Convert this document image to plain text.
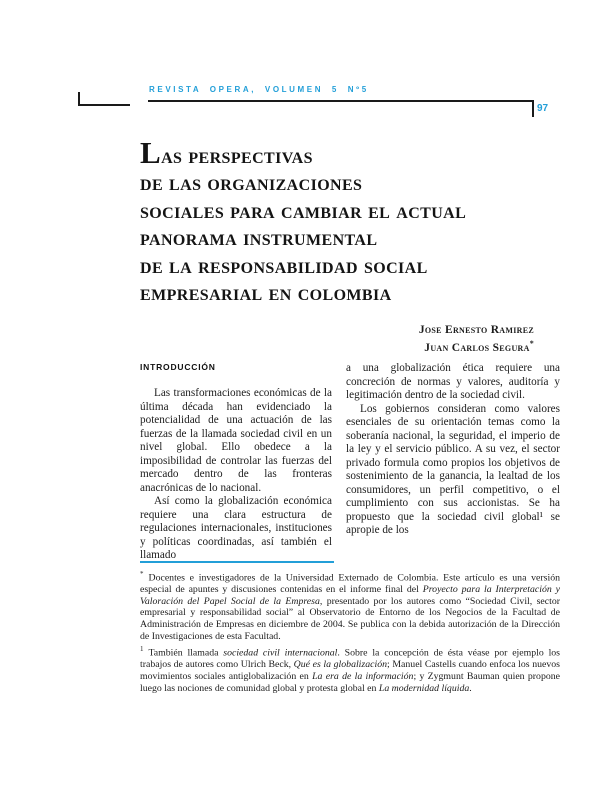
REVISTA OPERA, VOLUMEN 5 Nº5
97
Las perspectivas
de las organizaciones
sociales para cambiar el actual
panorama instrumental
de la responsabilidad social
empresarial en colombia
Jose Ernesto Ramirez
Juan Carlos Segura*
INTRODUCCIÓN

Las transformaciones económicas de la última década han evidenciado la potencialidad de una actuación de las fuerzas de la llamada sociedad civil en un nivel global. Ello obedece a la imposibilidad de controlar las fuerzas del mercado dentro de las fronteras anacrónicas de lo nacional.

Así como la globalización económica requiere una clara estructura de regulaciones internacionales, instituciones y políticas coordinadas, así también el llamado

a una globalización ética requiere una concreción de normas y valores, auditoría y legitimación dentro de la sociedad civil.

Los gobiernos consideran como valores esenciales de su orientación temas como la soberanía nacional, la seguridad, el imperio de la ley y el servicio público. A su vez, el sector privado formula como propios los objetivos de sostenimiento de la ganancia, la lealtad de los consumidores, un perfil competitivo, o el cumplimiento con sus accionistas. Se ha propuesto que la sociedad civil global¹ se apropie de los

* Docentes e investigadores de la Universidad Externado de Colombia. Este artículo es una versión especial de apuntes y discusiones contenidas en el informe final del Proyecto para la Interpretación y Valoración del Papel Social de la Empresa, presentado por los autores como “Sociedad Civil, sector empresarial y responsabilidad social” al Observatorio de Entorno de los Negocios de la Facultad de Administración de Empresas en diciembre de 2004. Se publica con la debida autorización de la Dirección de Investigaciones de esta Facultad.
$^1$ También llamada sociedad civil internacional. Sobre la concepción de ésta véase por ejemplo los trabajos de autores como Ulrich Beck, Qué es la globalización; Manuel Castells cuando enfoca los nuevos movimientos sociales antiglobalización en La era de la información; y Zygmunt Bauman quien propone luego las nociones de comunidad global y protesta global en La modernidad líquida.
